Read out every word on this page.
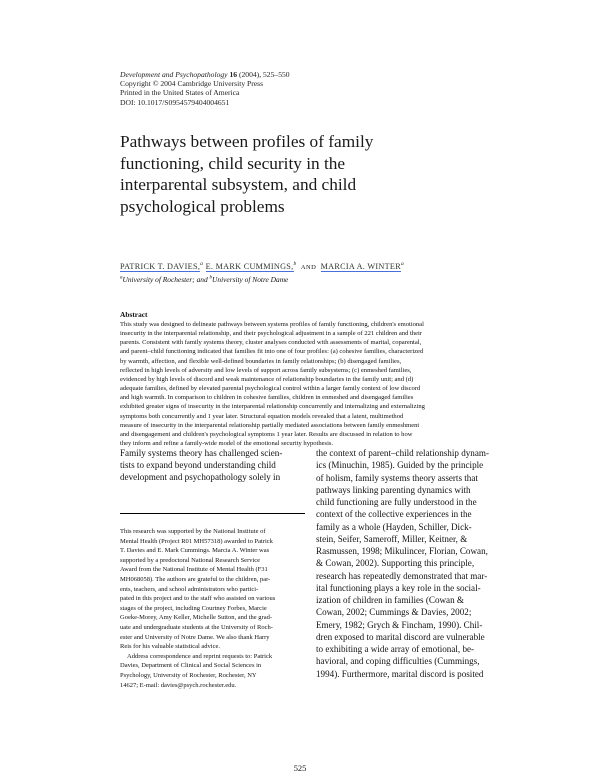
Development and Psychopathology 16 (2004), 525–550
Copyright © 2004 Cambridge University Press
Printed in the United States of America
DOI: 10.1017/S0954579404004651
Pathways between profiles of family
functioning, child security in the
interparental subsystem, and child
psychological problems
PATRICK T. DAVIES,$^a$ E. MARK CUMMINGS,$^b$ AND MARCIA A. WINTER$^a$
$^a$University of Rochester; and $^b$University of Notre Dame
Abstract
This study was designed to delineate pathways between systems profiles of family functioning, children's emotional
insecurity in the interparental relationship, and their psychological adjustment in a sample of 221 children and their
parents. Consistent with family systems theory, cluster analyses conducted with assessments of marital, coparental,
and parent–child functioning indicated that families fit into one of four profiles: (a) cohesive families, characterized
by warmth, affection, and flexible well-defined boundaries in family relationships; (b) disengaged families,
reflected in high levels of adversity and low levels of support across family subsystems; (c) enmeshed families,
evidenced by high levels of discord and weak maintenance of relationship boundaries in the family unit; and (d)
adequate families, defined by elevated parental psychological control within a larger family context of low discord
and high warmth. In comparison to children in cohesive families, children in enmeshed and disengaged families
exhibited greater signs of insecurity in the interparental relationship concurrently and internalizing and externalizing
symptoms both concurrently and 1 year later. Structural equation models revealed that a latent, multimethod
measure of insecurity in the interparental relationship partially mediated associations between family enmeshment
and disengagement and children's psychological symptoms 1 year later. Results are discussed in relation to how
they inform and refine a family-wide model of the emotional security hypothesis.
Family systems theory has challenged scien-
tists to expand beyond understanding child
development and psychopathology solely in
This research was supported by the National Institute of
Mental Health (Project R01 MH57318) awarded to Patrick
T. Davies and E. Mark Cummings. Marcia A. Winter was
supported by a predoctoral National Research Service
Award from the National Institute of Mental Health (F31
MH068058). The authors are grateful to the children, par-
ents, teachers, and school administrators who partici-
pated in this project and to the staff who assisted on various
stages of the project, including Courtney Forbes, Marcie
Goeke-Morey, Amy Keller, Michelle Sutton, and the grad-
uate and undergraduate students at the University of Roch-
ester and University of Notre Dame. We also thank Harry
Reis for his valuable statistical advice.
Address correspondence and reprint requests to: Patrick
Davies, Department of Clinical and Social Sciences in
Psychology, University of Rochester, Rochester, NY
14627; E-mail: davies@psych.rochester.edu.
the context of parent–child relationship dynam-
ics (Minuchin, 1985). Guided by the principle
of holism, family systems theory asserts that
pathways linking parenting dynamics with
child functioning are fully understood in the
context of the collective experiences in the
family as a whole (Hayden, Schiller, Dick-
stein, Seifer, Sameroff, Miller, Keitner, &
Rasmussen, 1998; Mikulincer, Florian, Cowan,
& Cowan, 2002). Supporting this principle,
research has repeatedly demonstrated that mar-
ital functioning plays a key role in the social-
ization of children in families (Cowan &
Cowan, 2002; Cummings & Davies, 2002;
Emery, 1982; Grych & Fincham, 1990). Chil-
dren exposed to marital discord are vulnerable
to exhibiting a wide array of emotional, be-
havioral, and coping difficulties (Cummings,
1994). Furthermore, marital discord is posited
525
